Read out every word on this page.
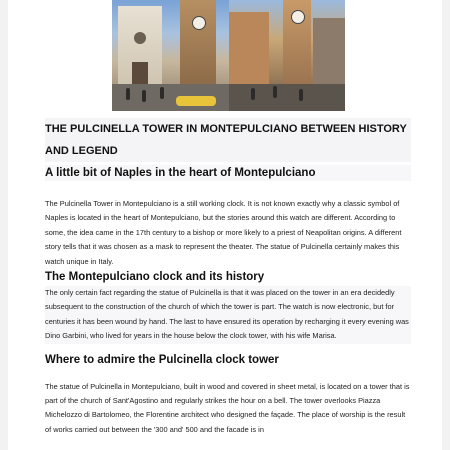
THE PULCINELLA TOWER IN MONTEPULCIANO BETWEEN HISTORY
AND LEGEND
A little bit of Naples in the heart of Montepulciano

The Pulcinella Tower in Montepulciano is a still working clock. It is not known exactly why a classic symbol of Naples is located in the heart of Montepulciano, but the stories around this watch are different. According to some, the idea came in the 17th century to a bishop or more likely to a priest of Neapolitan origins. A different story tells that it was chosen as a mask to represent the theater. The statue of Pulcinella certainly makes this watch unique in Italy.

The Montepulciano clock and its history

The only certain fact regarding the statue of Pulcinella is that it was placed on the tower in an era decidedly subsequent to the construction of the church of which the tower is part. The watch is now electronic, but for centuries it has been wound by hand. The last to have ensured its operation by recharging it every evening was Dino Garbini, who lived for years in the house below the clock tower, with his wife Marisa.

Where to admire the Pulcinella clock tower

The statue of Pulcinella in Montepulciano, built in wood and covered in sheet metal, is located on a tower that is part of the church of Sant'Agostino and regularly strikes the hour on a bell. The tower overlooks Piazza Michelozzo di Bartolomeo, the Florentine architect who designed the façade. The place of worship is the result of works carried out between the '300 and' 500 and the facade is in
